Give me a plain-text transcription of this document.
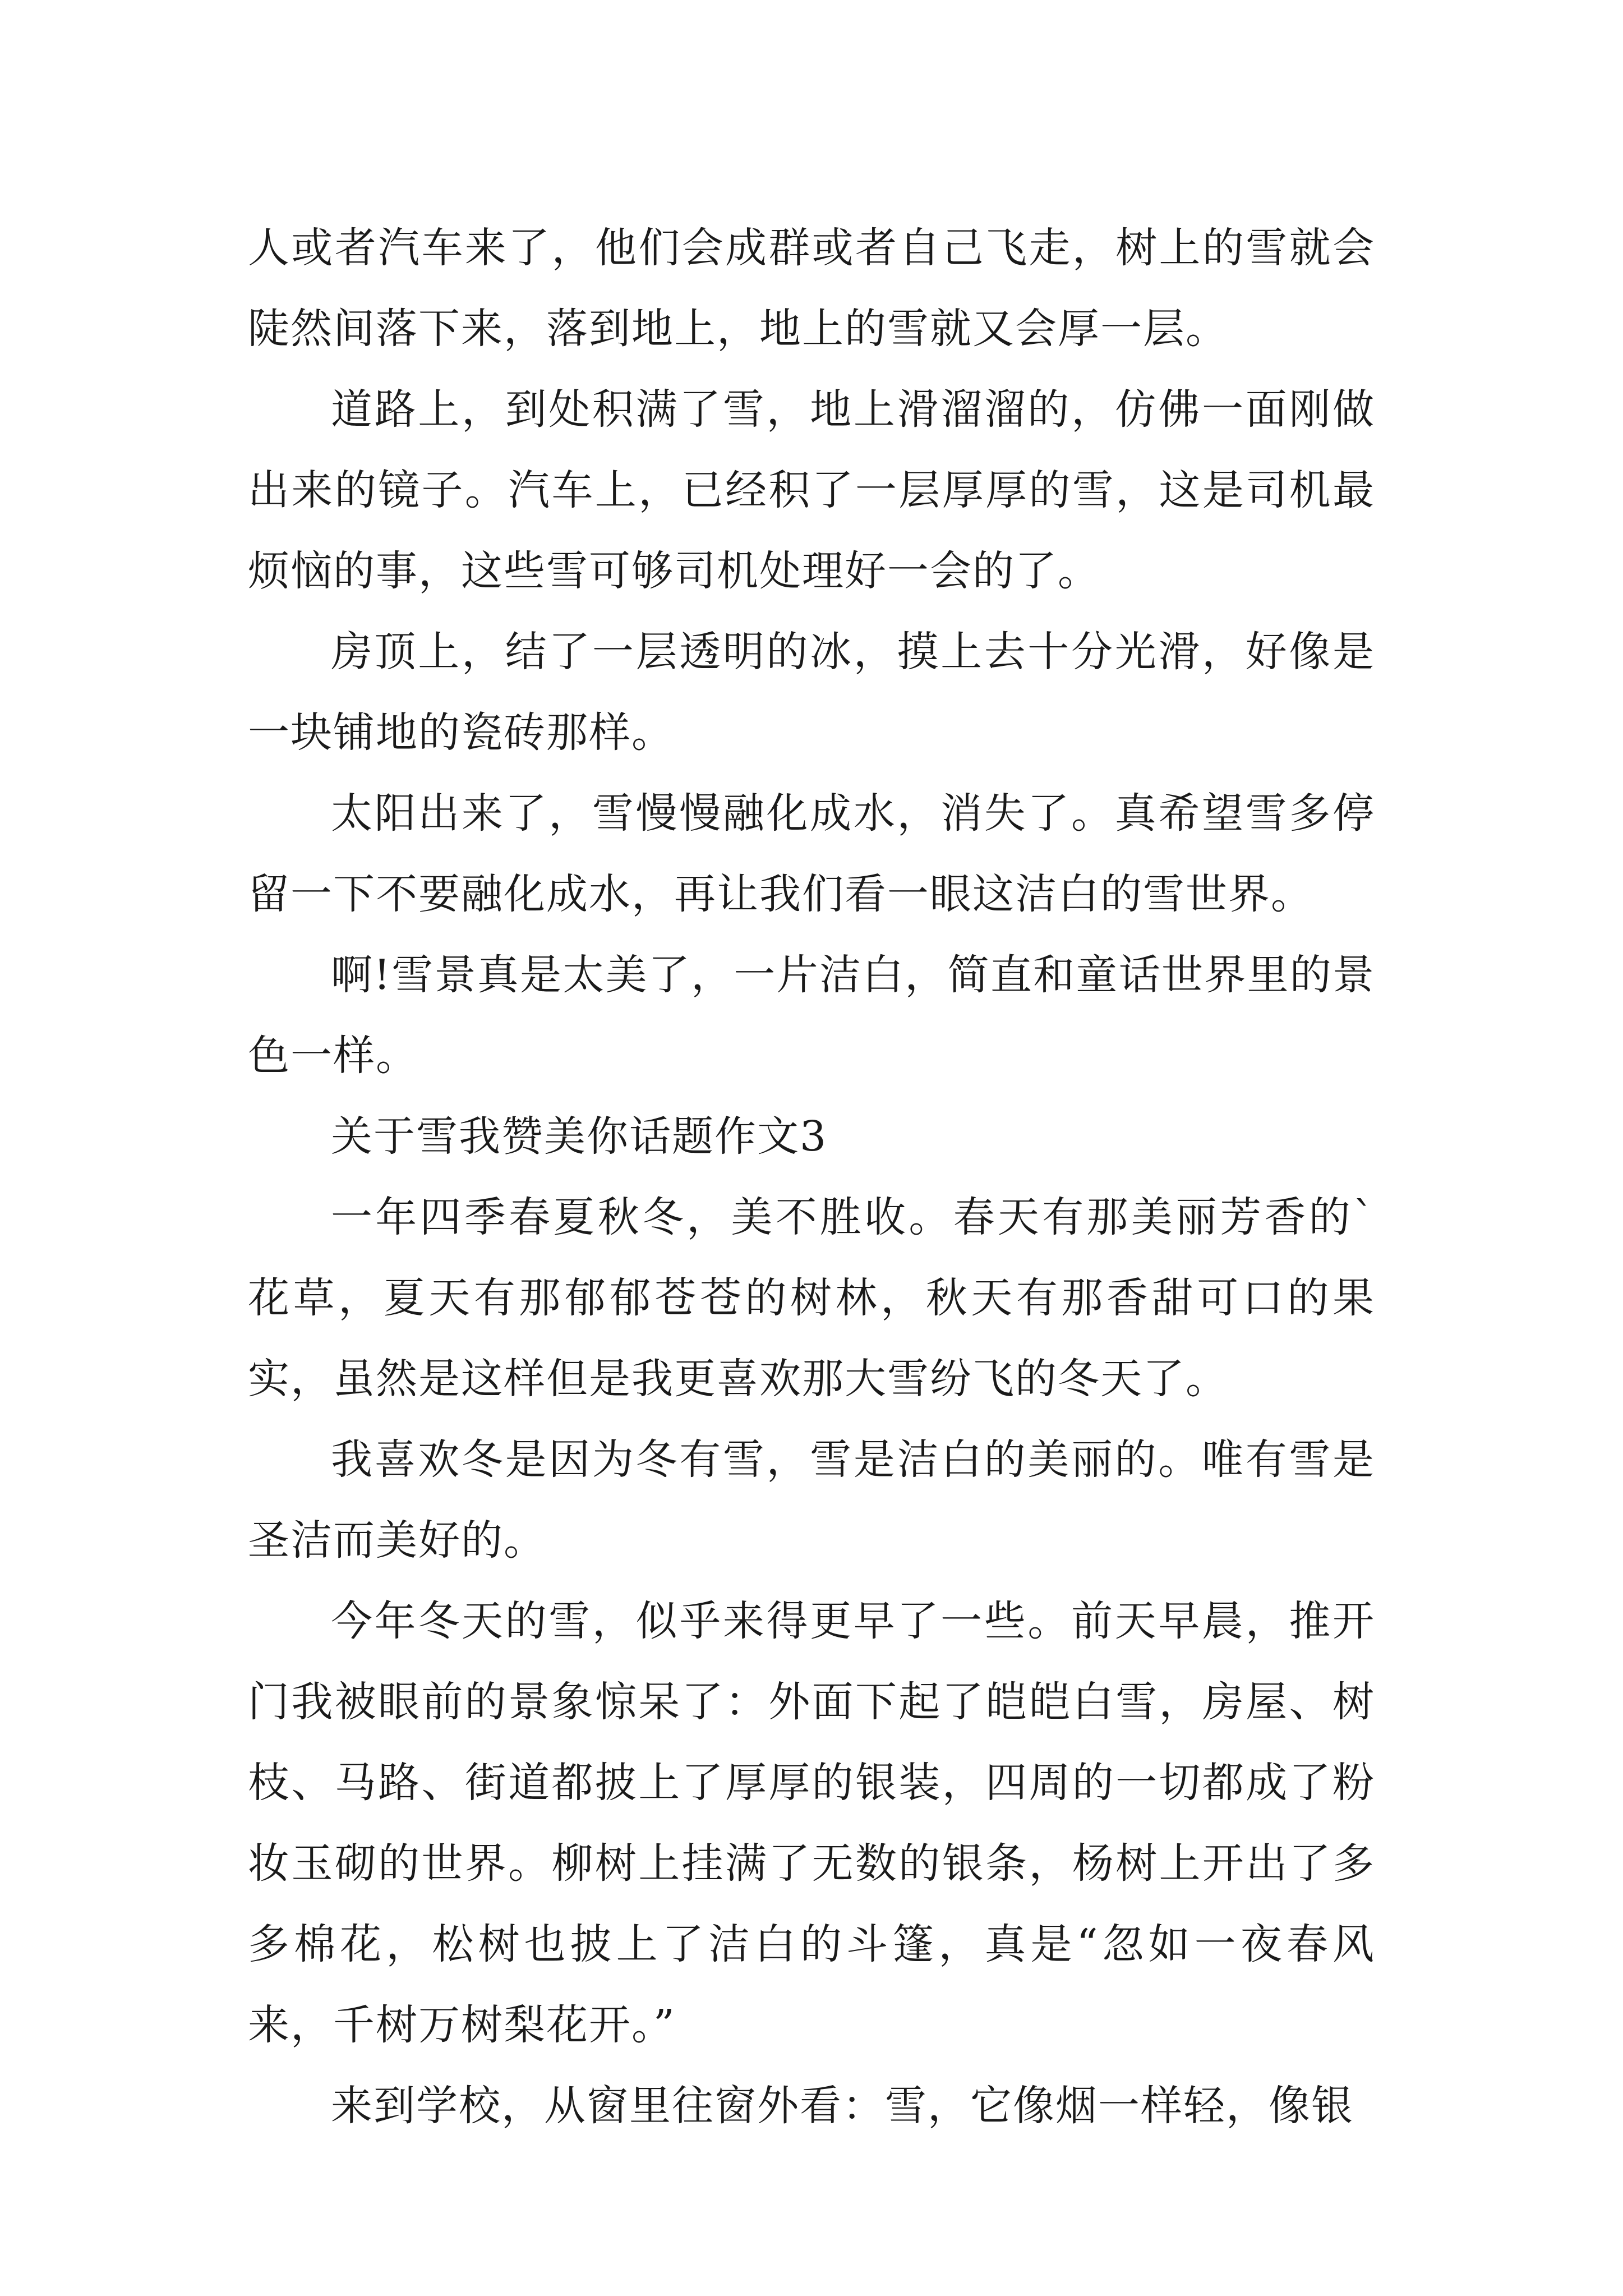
人或者汽车来了，他们会成群或者自己飞走，树上的雪就会陡然间落下来，落到地上，地上的雪就又会厚一层。

道路上，到处积满了雪，地上滑溜溜的，仿佛一面刚做出来的镜子。汽车上，已经积了一层厚厚的雪，这是司机最烦恼的事，这些雪可够司机处理好一会的了。

房顶上，结了一层透明的冰，摸上去十分光滑，好像是一块铺地的瓷砖那样。

太阳出来了，雪慢慢融化成水，消失了。真希望雪多停留一下不要融化成水，再让我们看一眼这洁白的雪世界。

啊!雪景真是太美了，一片洁白，简直和童话世界里的景色一样。

关于雪我赞美你话题作文3

一年四季春夏秋冬，美不胜收。春天有那美丽芳香的`花草，夏天有那郁郁苍苍的树林，秋天有那香甜可口的果实，虽然是这样但是我更喜欢那大雪纷飞的冬天了。

我喜欢冬是因为冬有雪，雪是洁白的美丽的。唯有雪是圣洁而美好的。

今年冬天的雪，似乎来得更早了一些。前天早晨，推开门我被眼前的景象惊呆了：外面下起了皑皑白雪，房屋、树枝、马路、街道都披上了厚厚的银装，四周的一切都成了粉妆玉砌的世界。柳树上挂满了无数的银条，杨树上开出了多多棉花，松树也披上了洁白的斗篷，真是“忽如一夜春风来，千树万树梨花开。”

来到学校，从窗里往窗外看：雪，它像烟一样轻，像银
